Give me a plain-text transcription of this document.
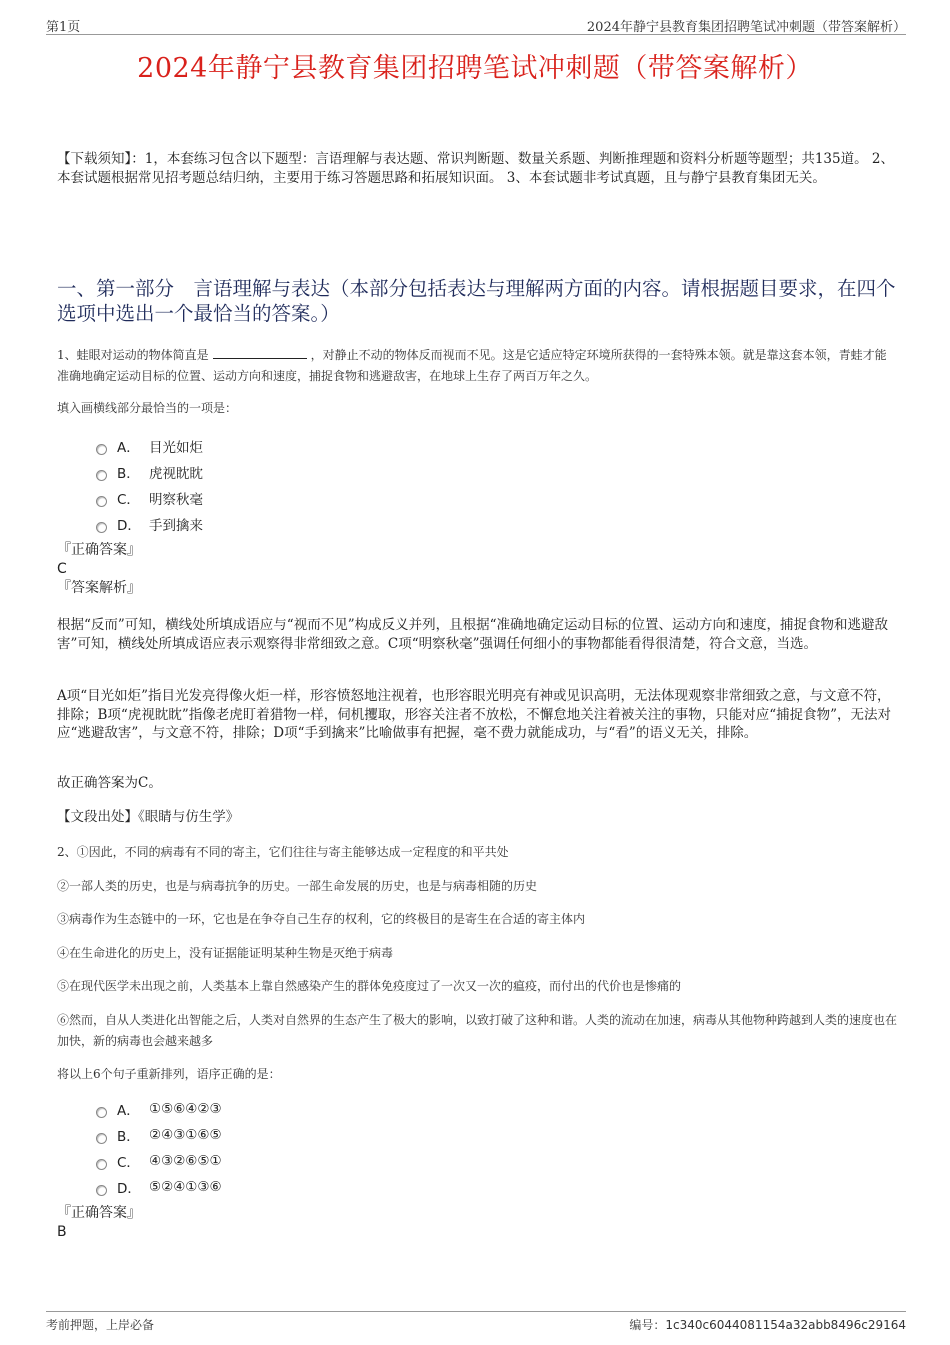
第1页	2024年静宁县教育集团招聘笔试冲刺题（带答案解析）
2024年静宁县教育集团招聘笔试冲刺题（带答案解析）
【下载须知】：1，本套练习包含以下题型：言语理解与表达题、常识判断题、数量关系题、判断推理题和资料分析题等题型；共135道。 2、本套试题根据常见招考题总结归纳，主要用于练习答题思路和拓展知识面。 3、本套试题非考试真题，且与静宁县教育集团无关。
一、第一部分　言语理解与表达（本部分包括表达与理解两方面的内容。请根据题目要求，在四个选项中选出一个最恰当的答案。）
1、蛙眼对运动的物体简直是	，对静止不动的物体反而视而不见。这是它适应特定环境所获得的一套特殊本领。就是靠这套本领，青蛙才能准确地确定运动目标的位置、运动方向和速度，捕捉食物和逃避敌害，在地球上生存了两百万年之久。
填入画横线部分最恰当的一项是：
A． 目光如炬
B． 虎视眈眈
C． 明察秋毫
D． 手到擒来
『正确答案』
C
『答案解析』
根据“反而”可知，横线处所填成语应与“视而不见”构成反义并列，且根据“准确地确定运动目标的位置、运动方向和速度，捕捉食物和逃避敌害”可知，横线处所填成语应表示观察得非常细致之意。C项“明察秋毫”强调任何细小的事物都能看得很清楚，符合文意，当选。
A项“目光如炬”指目光发亮得像火炬一样，形容愤怒地注视着，也形容眼光明亮有神或见识高明，无法体现观察非常细致之意，与文意不符，排除；B项“虎视眈眈”指像老虎盯着猎物一样，伺机攫取，形容关注者不放松，不懈怠地关注着被关注的事物，只能对应“捕捉食物”，无法对应“逃避敌害”，与文意不符，排除；D项“手到擒来”比喻做事有把握，毫不费力就能成功，与“看”的语义无关，排除。
故正确答案为C。
【文段出处】《眼睛与仿生学》
2、①因此，不同的病毒有不同的寄主，它们往往与寄主能够达成一定程度的和平共处
②一部人类的历史，也是与病毒抗争的历史。一部生命发展的历史，也是与病毒相随的历史
③病毒作为生态链中的一环，它也是在争夺自己生存的权利，它的终极目的是寄生在合适的寄主体内
④在生命进化的历史上，没有证据能证明某种生物是灭绝于病毒
⑤在现代医学未出现之前，人类基本上靠自然感染产生的群体免疫度过了一次又一次的瘟疫，而付出的代价也是惨痛的
⑥然而，自从人类进化出智能之后，人类对自然界的生态产生了极大的影响，以致打破了这种和谐。人类的流动在加速，病毒从其他物种跨越到人类的速度也在加快，新的病毒也会越来越多
将以上6个句子重新排列，语序正确的是：
A． ①⑤⑥④②③
B． ②④③①⑥⑤
C． ④③②⑥⑤①
D． ⑤②④①③⑥
『正确答案』
B
考前押题，上岸必备	编号：1c340c6044081154a32abb8496c29164
